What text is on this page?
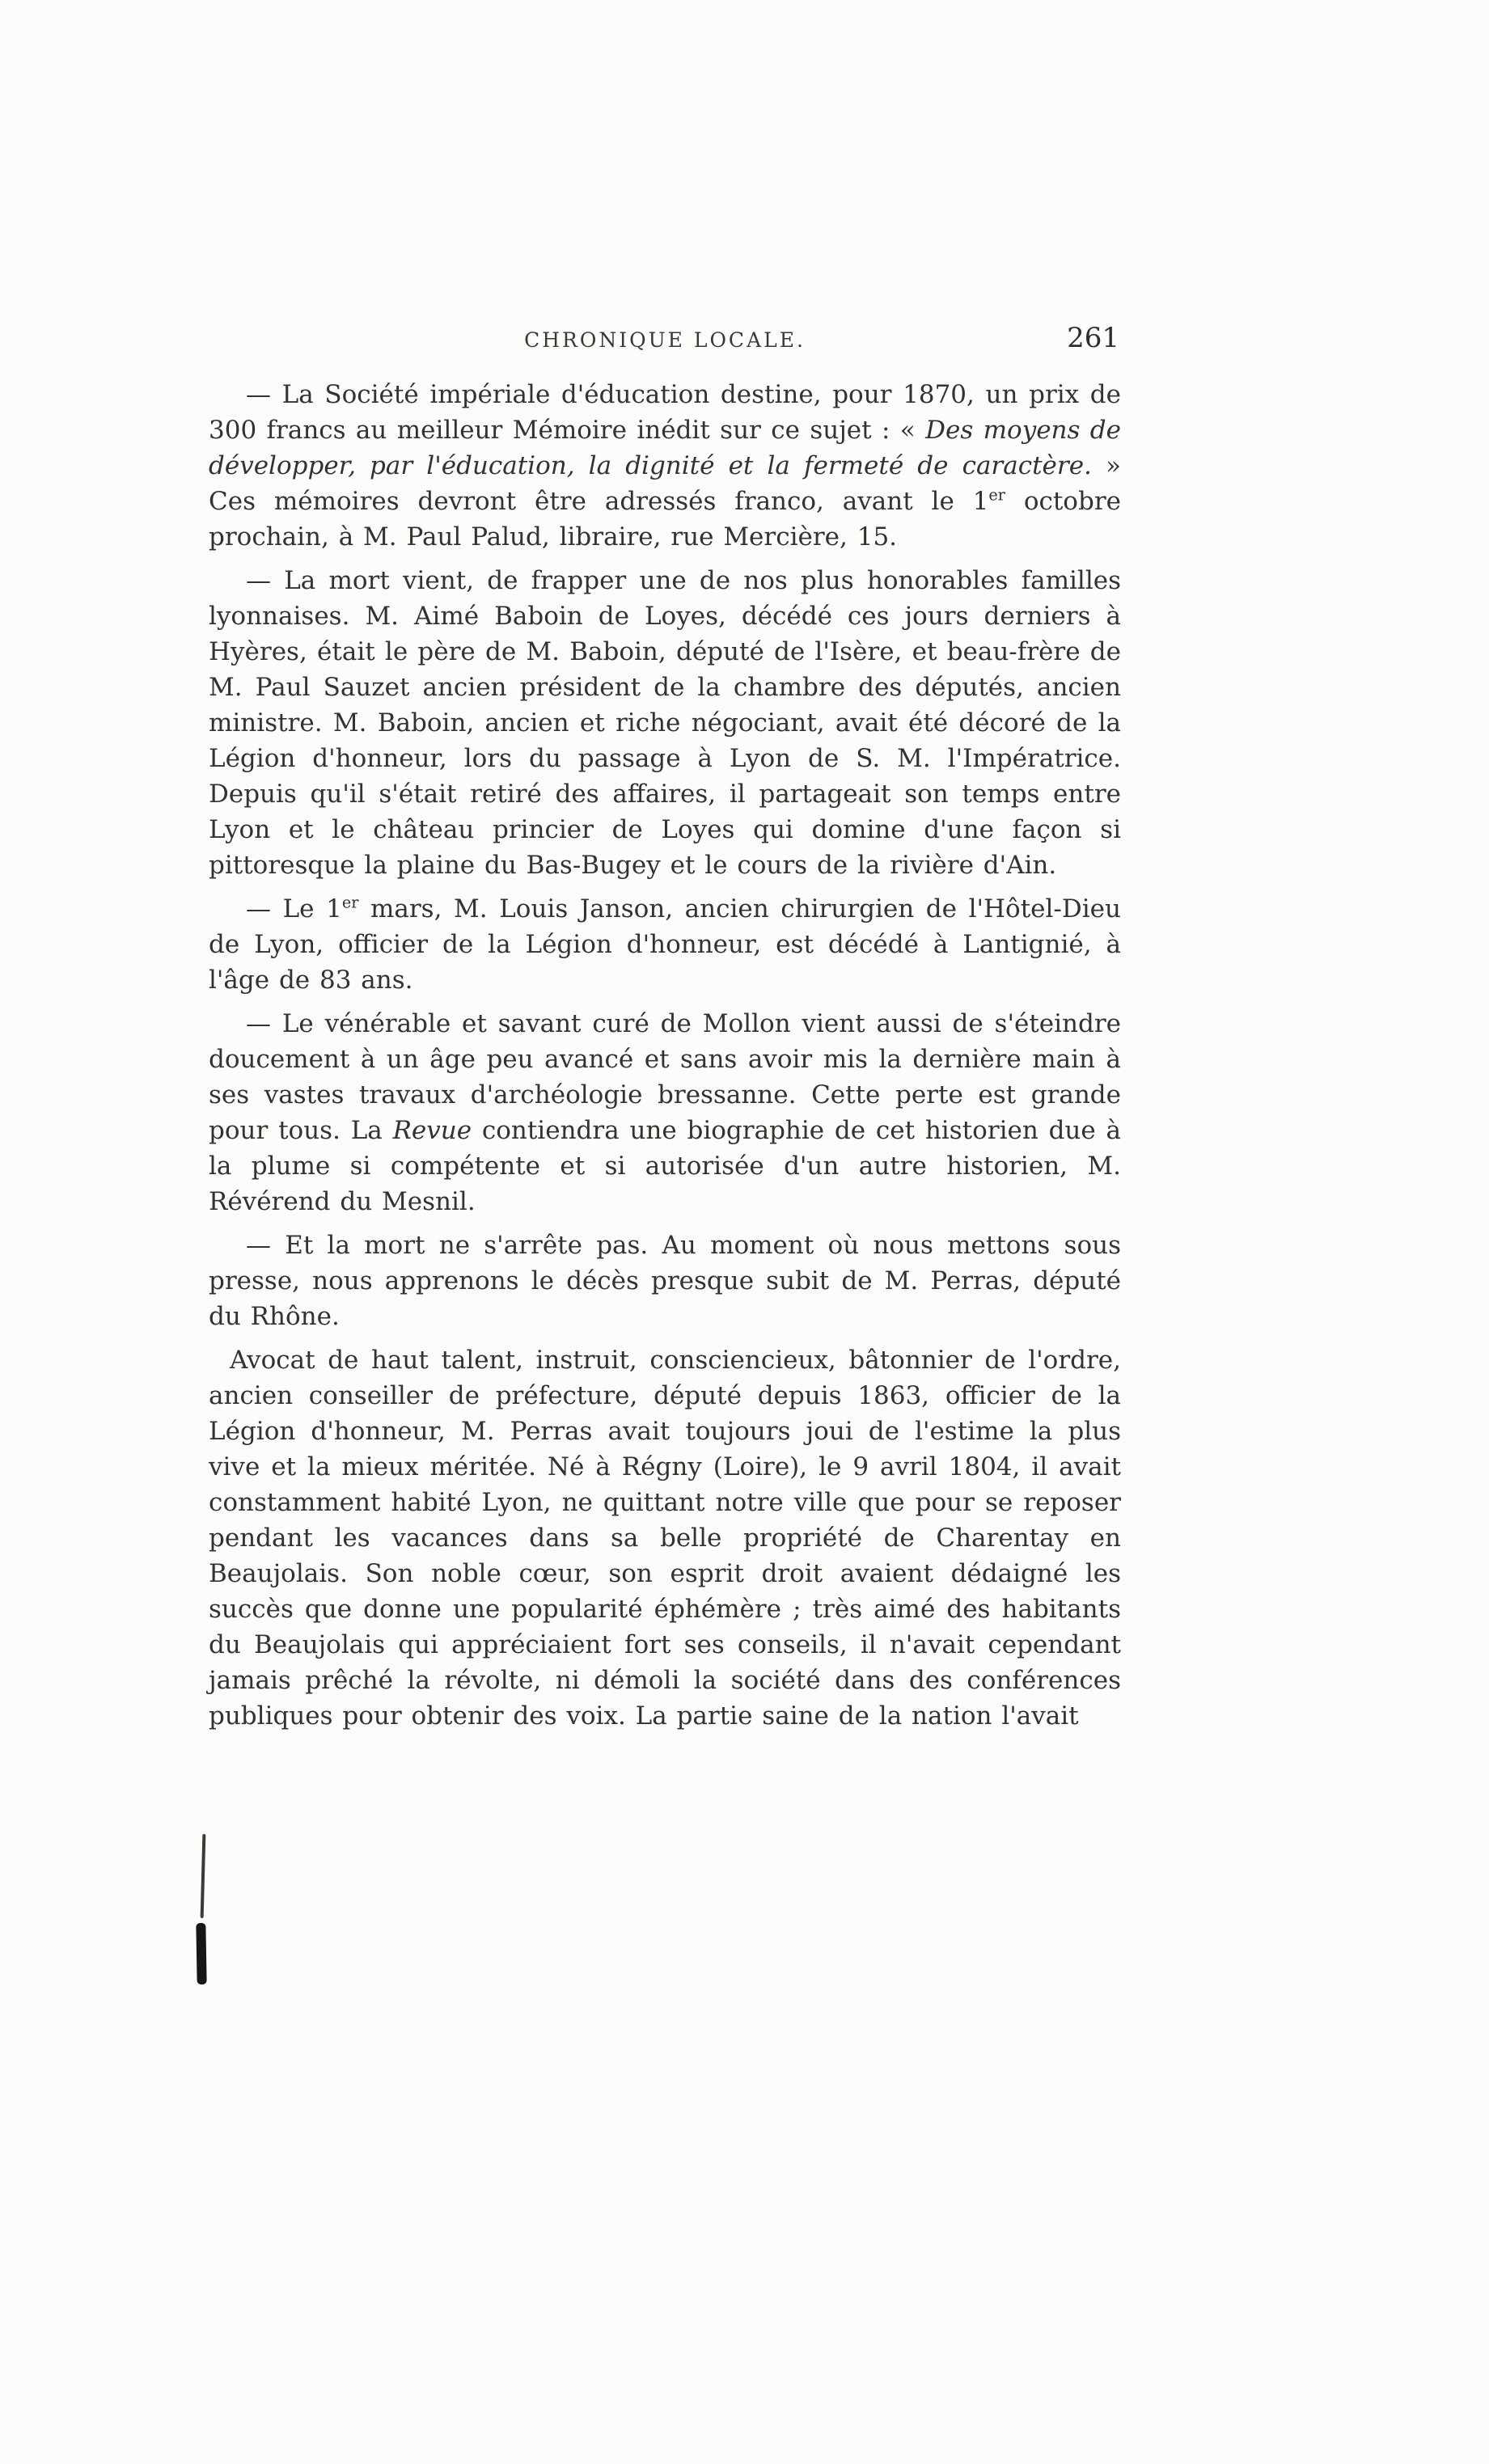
CHRONIQUE LOCALE.	261

— La Société impériale d'éducation destine, pour 1870, un prix de 300 francs au meilleur Mémoire inédit sur ce sujet : « Des moyens de développer, par l'éducation, la dignité et la fermeté de caractère. » Ces mémoires devront être adressés franco, avant le 1er octobre prochain, à M. Paul Palud, libraire, rue Mercière, 15.

— La mort vient, de frapper une de nos plus honorables familles lyonnaises. M. Aimé Baboin de Loyes, décédé ces jours derniers à Hyères, était le père de M. Baboin, député de l'Isère, et beau-frère de M. Paul Sauzet ancien président de la chambre des députés, ancien ministre. M. Baboin, ancien et riche négociant, avait été décoré de la Légion d'honneur, lors du passage à Lyon de S. M. l'Impératrice. Depuis qu'il s'était retiré des affaires, il partageait son temps entre Lyon et le château princier de Loyes qui domine d'une façon si pittoresque la plaine du Bas-Bugey et le cours de la rivière d'Ain.

— Le 1er mars, M. Louis Janson, ancien chirurgien de l'Hôtel-Dieu de Lyon, officier de la Légion d'honneur, est décédé à Lantignié, à l'âge de 83 ans.

— Le vénérable et savant curé de Mollon vient aussi de s'éteindre doucement à un âge peu avancé et sans avoir mis la dernière main à ses vastes travaux d'archéologie bressanne. Cette perte est grande pour tous. La Revue contiendra une biographie de cet historien due à la plume si compétente et si autorisée d'un autre historien, M. Révérend du Mesnil.

— Et la mort ne s'arrête pas. Au moment où nous mettons sous presse, nous apprenons le décès presque subit de M. Perras, député du Rhône.

Avocat de haut talent, instruit, consciencieux, bâtonnier de l'ordre, ancien conseiller de préfecture, député depuis 1863, officier de la Légion d'honneur, M. Perras avait toujours joui de l'estime la plus vive et la mieux méritée. Né à Régny (Loire), le 9 avril 1804, il avait constamment habité Lyon, ne quittant notre ville que pour se reposer pendant les vacances dans sa belle propriété de Charentay en Beaujolais. Son noble cœur, son esprit droit avaient dédaigné les succès que donne une popularité éphémère ; très aimé des habitants du Beaujolais qui appréciaient fort ses conseils, il n'avait cependant jamais prêché la révolte, ni démoli la société dans des conférences publiques pour obtenir des voix. La partie saine de la nation l'avait
